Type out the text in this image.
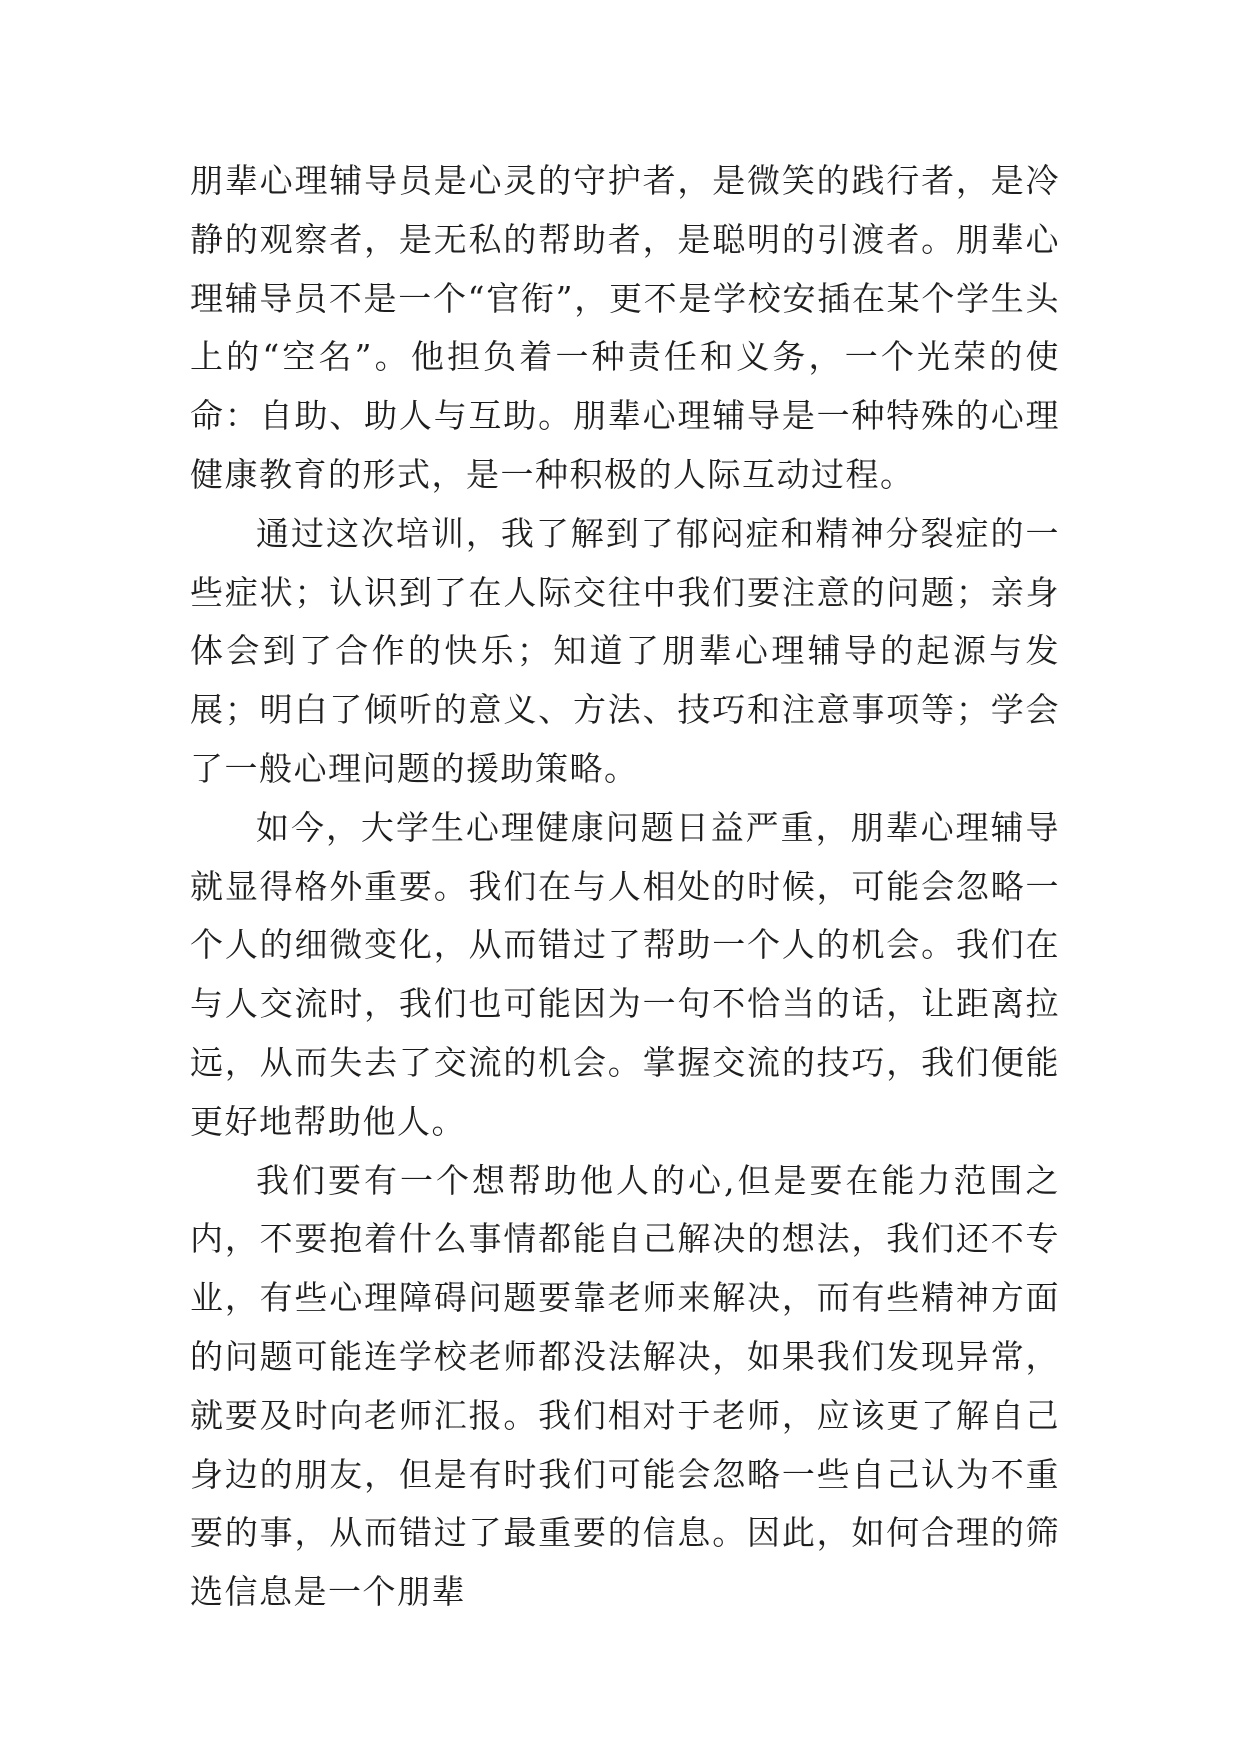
朋辈心理辅导员是心灵的守护者，是微笑的践行者，是冷静的观察者，是无私的帮助者，是聪明的引渡者。朋辈心理辅导员不是一个“官衔”，更不是学校安插在某个学生头上的“空名”。他担负着一种责任和义务，一个光荣的使命：自助、助人与互助。朋辈心理辅导是一种特殊的心理健康教育的形式，是一种积极的人际互动过程。

通过这次培训，我了解到了郁闷症和精神分裂症的一些症状；认识到了在人际交往中我们要注意的问题；亲身体会到了合作的快乐；知道了朋辈心理辅导的起源与发展；明白了倾听的意义、方法、技巧和注意事项等；学会了一般心理问题的援助策略。

如今，大学生心理健康问题日益严重，朋辈心理辅导就显得格外重要。我们在与人相处的时候，可能会忽略一个人的细微变化，从而错过了帮助一个人的机会。我们在与人交流时，我们也可能因为一句不恰当的话，让距离拉远，从而失去了交流的机会。掌握交流的技巧，我们便能更好地帮助他人。

我们要有一个想帮助他人的心,但是要在能力范围之内，不要抱着什么事情都能自己解决的想法，我们还不专业，有些心理障碍问题要靠老师来解决，而有些精神方面的问题可能连学校老师都没法解决，如果我们发现异常，就要及时向老师汇报。我们相对于老师，应该更了解自己身边的朋友，但是有时我们可能会忽略一些自己认为不重要的事，从而错过了最重要的信息。因此，如何合理的筛选信息是一个朋辈
